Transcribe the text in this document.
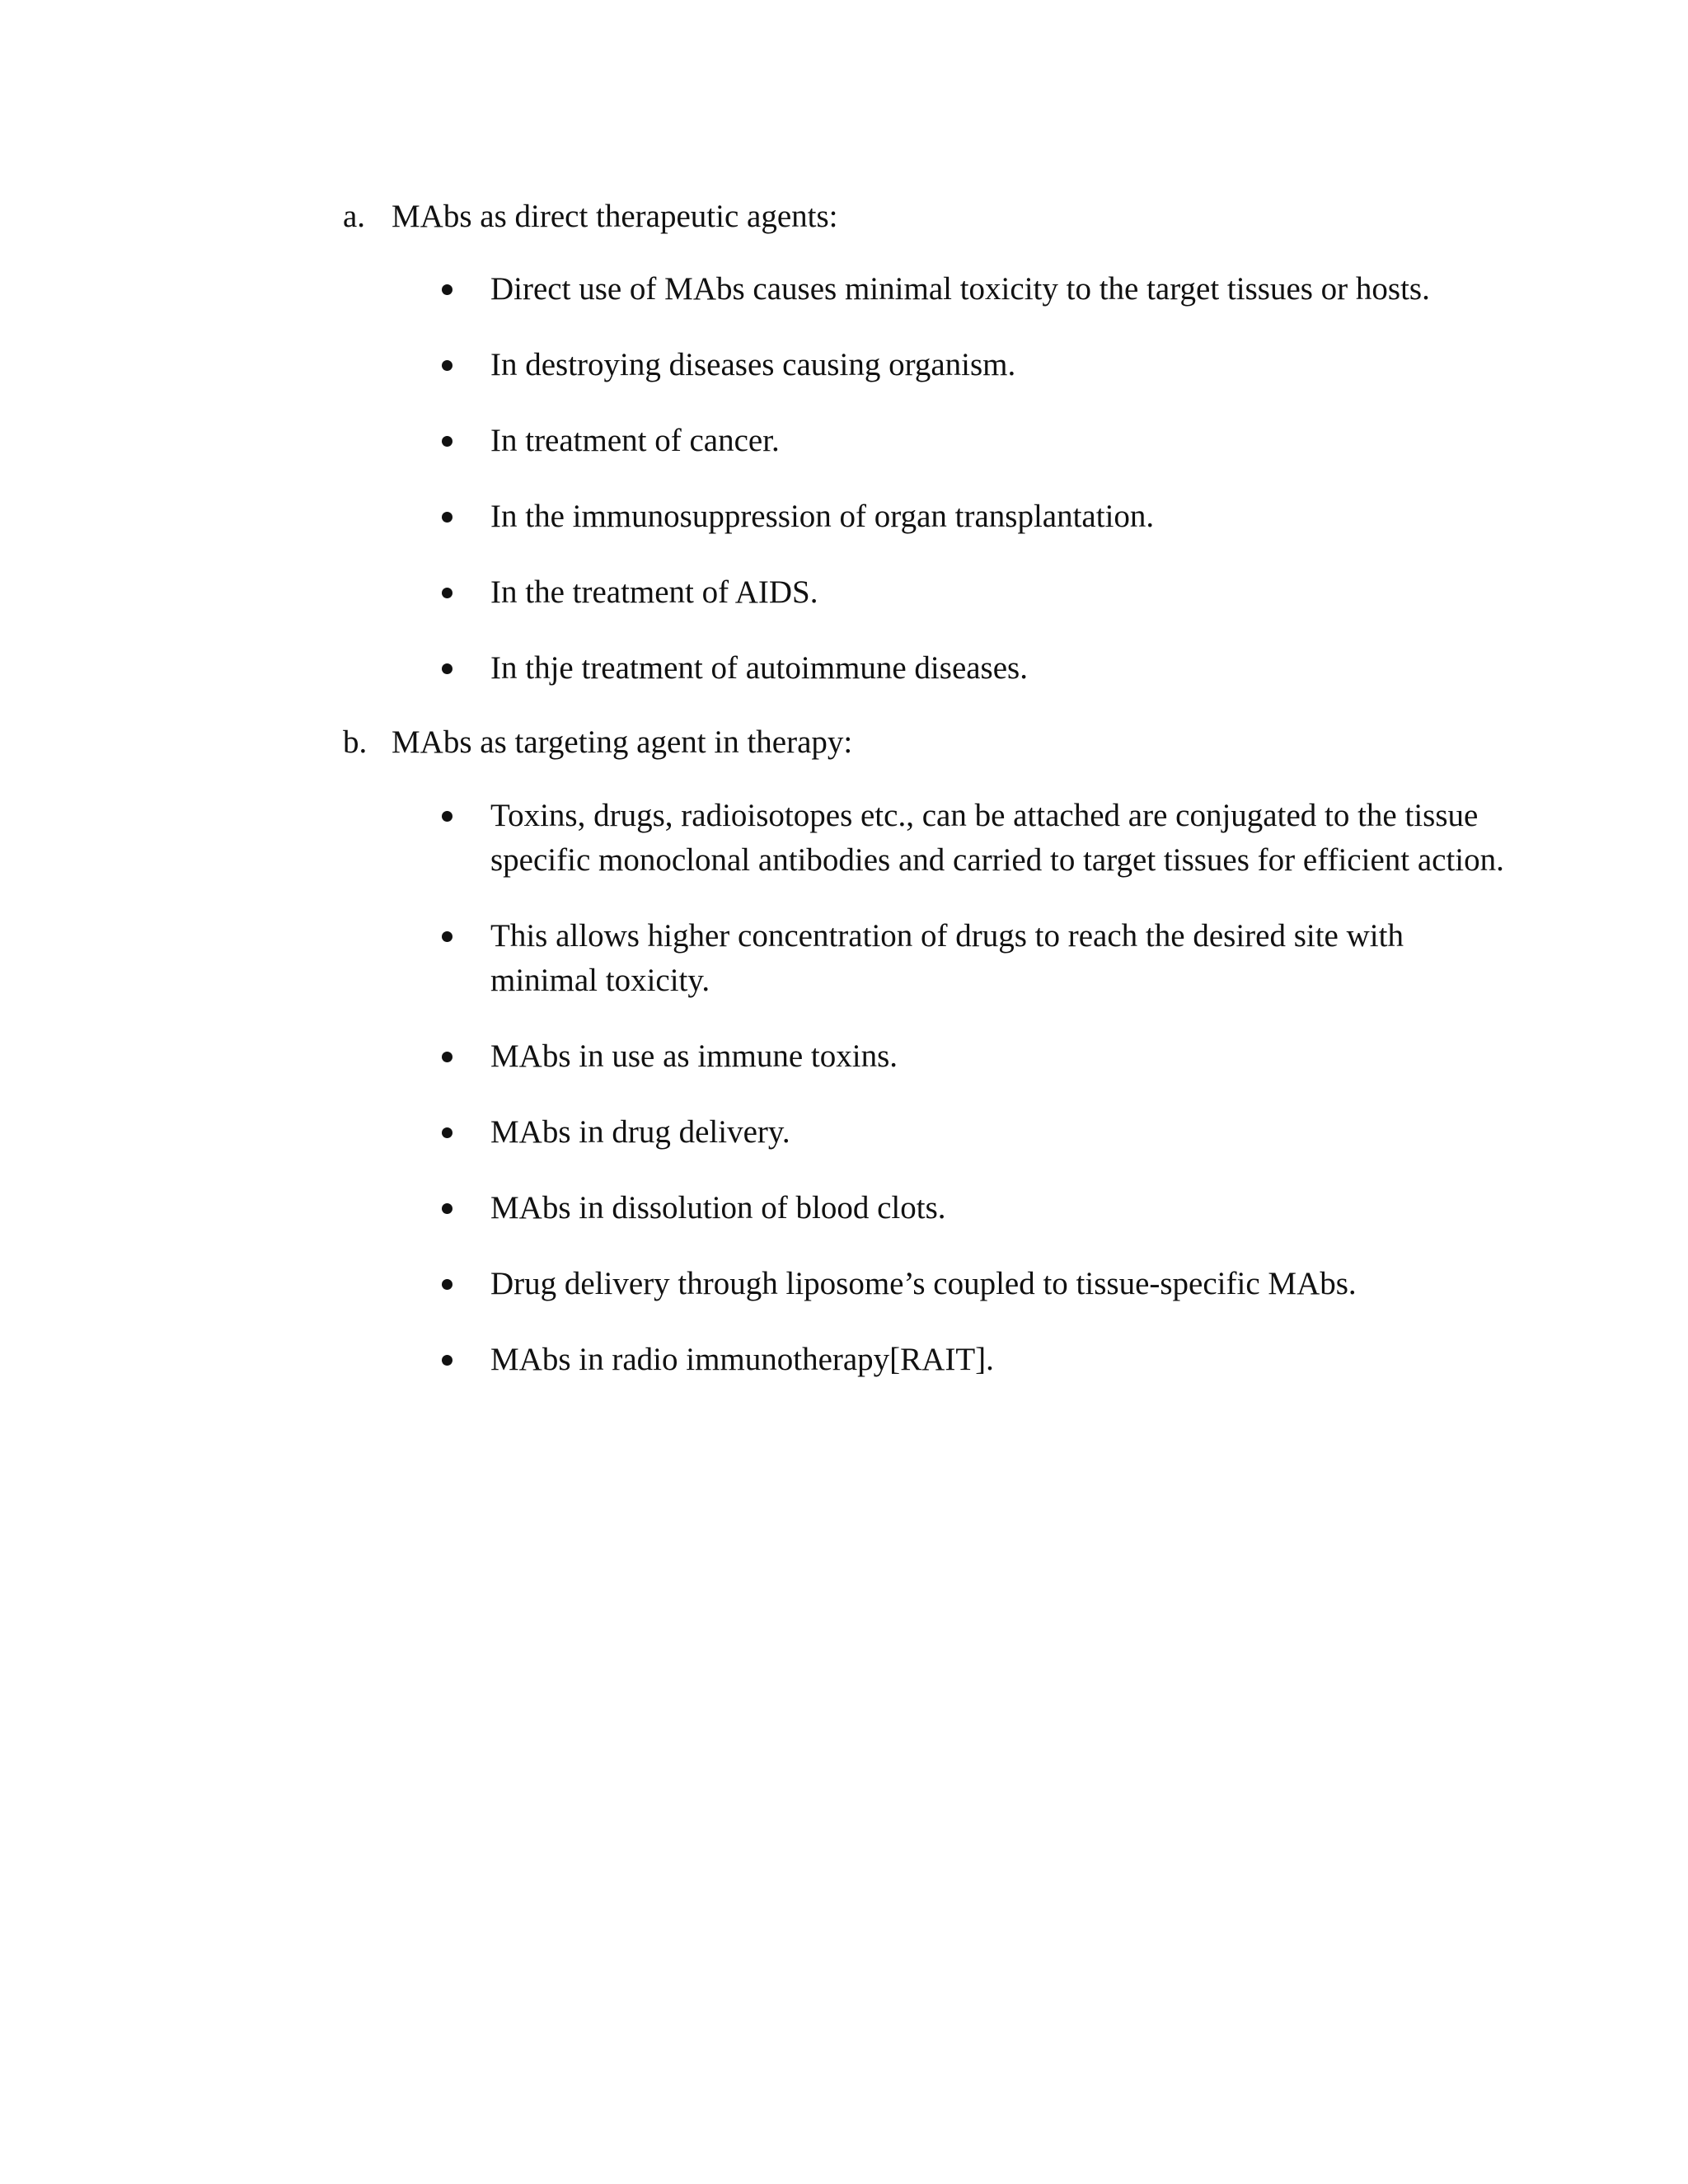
a. MAbs as direct therapeutic agents:
Direct use of MAbs causes minimal toxicity to the target tissues or hosts.
In destroying diseases causing organism.
In treatment of cancer.
In the immunosuppression of organ transplantation.
In the treatment of AIDS.
In thje treatment of autoimmune diseases.
b. MAbs as targeting agent in therapy:
Toxins, drugs, radioisotopes etc., can be attached are conjugated to the tissue specific monoclonal antibodies and carried to target tissues for efficient action.
This allows higher concentration of drugs to reach the desired site with minimal toxicity.
MAbs in use as immune toxins.
MAbs in drug delivery.
MAbs in dissolution of blood clots.
Drug delivery through liposome’s coupled to tissue-specific MAbs.
MAbs in radio immunotherapy[RAIT].
